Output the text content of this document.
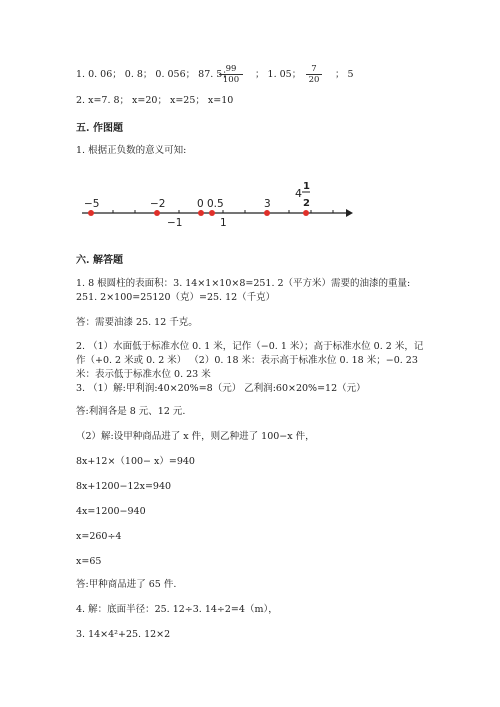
1. 0. 06； 0. 8； 0. 056； 87. 5；
$\frac{99}{100}$ ； 1. 05； $\frac{7}{20}$ ； 5
2. x=7. 8； x=20； x=25； x=10
五. 作图题
1. 根据正负数的意义可知:
−5	−2	0 0.5	3
−1	1
4
1
2
六. 解答题
1. 8 根圆柱的表面积：3. 14×1×10×8=251. 2（平方米）需要的油漆的重量:
251. 2×100=25120（克）=25. 12（千克）
答：需要油漆 25. 12 千克。
2. （1）水面低于标准水位 0. 1 米，记作（−0. 1 米）；高于标准水位 0. 2 米，记
作（+0. 2 米或 0. 2 米） （2）0. 18 米：表示高于标准水位 0. 18 米；−0. 23
米：表示低于标准水位 0. 23 米
3. （1）解:甲利润:40×20%=8（元） 乙利润:60×20%=12（元）
答:利润各是 8 元、12 元.
（2）解:设甲种商品进了 x 件，则乙种进了 100−x 件，
8x+12×（100− x）=940
8x+1200−12x=940
4x=1200−940
x=260÷4
x=65
答:甲种商品进了 65 件.
4. 解：底面半径：25. 12÷3. 14÷2=4（m），
3. 14×4²+25. 12×2
